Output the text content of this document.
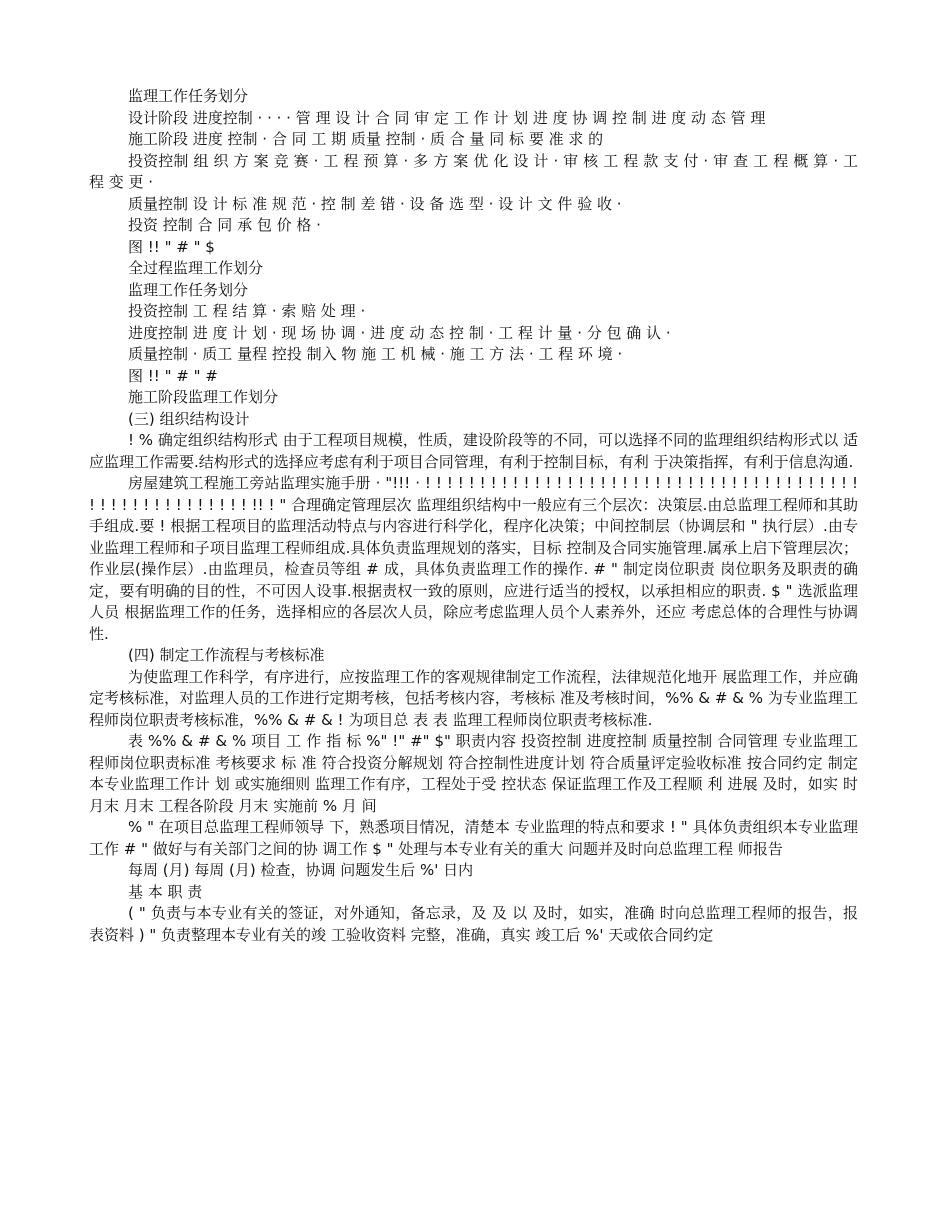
监理工作任务划分

设计阶段 进度控制 · · · · 管 理 设 计 合 同 审 定 工 作 计 划 进 度 协 调 控 制 进 度 动 态 管 理

施工阶段 进度 控制 · 合 同 工 期 质量 控制 · 质 合 量 同 标 要 准 求 的

投资控制 组 织 方 案 竞 赛 · 工 程 预 算 · 多 方 案 优 化 设 计 · 审 核 工 程 款 支 付 · 审 查 工 程 概 算 · 工 程 变 更 ·

质量控制 设 计 标 准 规 范 · 控 制 差 错 · 设 备 选 型 · 设 计 文 件 验 收 ·

投资 控制 合 同 承 包 价 格 ·

图 !! " # " $

全过程监理工作划分

监理工作任务划分

投资控制 工 程 结 算 · 索 赔 处 理 ·

进度控制 进 度 计 划 · 现 场 协 调 · 进 度 动 态 控 制 · 工 程 计 量 · 分 包 确 认 ·

质量控制 · 质工 量程 控投 制入 物 施 工 机 械 · 施 工 方 法 · 工 程 环 境 ·

图 !! " # " #

施工阶段监理工作划分

(三) 组织结构设计

! % 确定组织结构形式 由于工程项目规模，性质，建设阶段等的不同，可以选择不同的监理组织结构形式以 适应监理工作需要.结构形式的选择应考虑有利于项目合同管理，有利于控制目标，有利 于决策指挥，有利于信息沟通.

房屋建筑工程施工旁站监理实施手册 · "!!! · ! ! ! ! ! ! ! ! ! ! ! ! ! ! ! ! ! ! ! ! ! ! ! ! ! ! ! ! ! ! ! ! ! ! ! ! ! ! ! ! ! ! ! ! ! ! ! ! ! ! ! ! ! ! ! !! ! " 合理确定管理层次 监理组织结构中一般应有三个层次：决策层.由总监理工程师和其助手组成.要 ! 根据工程项目的监理活动特点与内容进行科学化，程序化决策；中间控制层（协调层和 " 执行层）.由专业监理工程师和子项目监理工程师组成.具体负责监理规划的落实，目标 控制及合同实施管理.属承上启下管理层次；作业层(操作层）.由监理员，检查员等组 # 成，具体负责监理工作的操作. # " 制定岗位职责 岗位职务及职责的确定，要有明确的目的性，不可因人设事.根据责权一致的原则，应进行适当的授权，以承担相应的职责. $ " 选派监理人员 根据监理工作的任务，选择相应的各层次人员，除应考虑监理人员个人素养外，还应 考虑总体的合理性与协调性.

(四) 制定工作流程与考核标准

为使监理工作科学，有序进行，应按监理工作的客观规律制定工作流程，法律规范化地开 展监理工作，并应确定考核标准，对监理人员的工作进行定期考核，包括考核内容，考核标 准及考核时间，%% & # & % 为专业监理工程师岗位职责考核标准，%% & # & ! 为项目总 表 表 监理工程师岗位职责考核标准.

表 %% & # & % 项目 工 作 指 标 %" !" #" $" 职责内容 投资控制 进度控制 质量控制 合同管理 专业监理工程师岗位职责标准 考核要求 标 准 符合投资分解规划 符合控制性进度计划 符合质量评定验收标准 按合同约定 制定本专业监理工作计 划 或实施细则 监理工作有序，工程处于受 控状态 保证监理工作及工程顺 利 进展 及时，如实 时 月末 月末 工程各阶段 月末 实施前 % 月 间

% " 在项目总监理工程师领导 下，熟悉项目情况，清楚本 专业监理的特点和要求 ! " 具体负责组织本专业监理 工作 # " 做好与有关部门之间的协 调工作 $ " 处理与本专业有关的重大 问题并及时向总监理工程 师报告

每周 (月) 每周 (月) 检查，协调 问题发生后 %' 日内

基 本 职 责

( " 负责与本专业有关的签证，对外通知，备忘录，及 及 以 及时，如实，准确 时向总监理工程师的报告，报表资料 ) " 负责整理本专业有关的竣 工验收资料 完整，准确，真实 竣工后 %' 天或依合同约定
